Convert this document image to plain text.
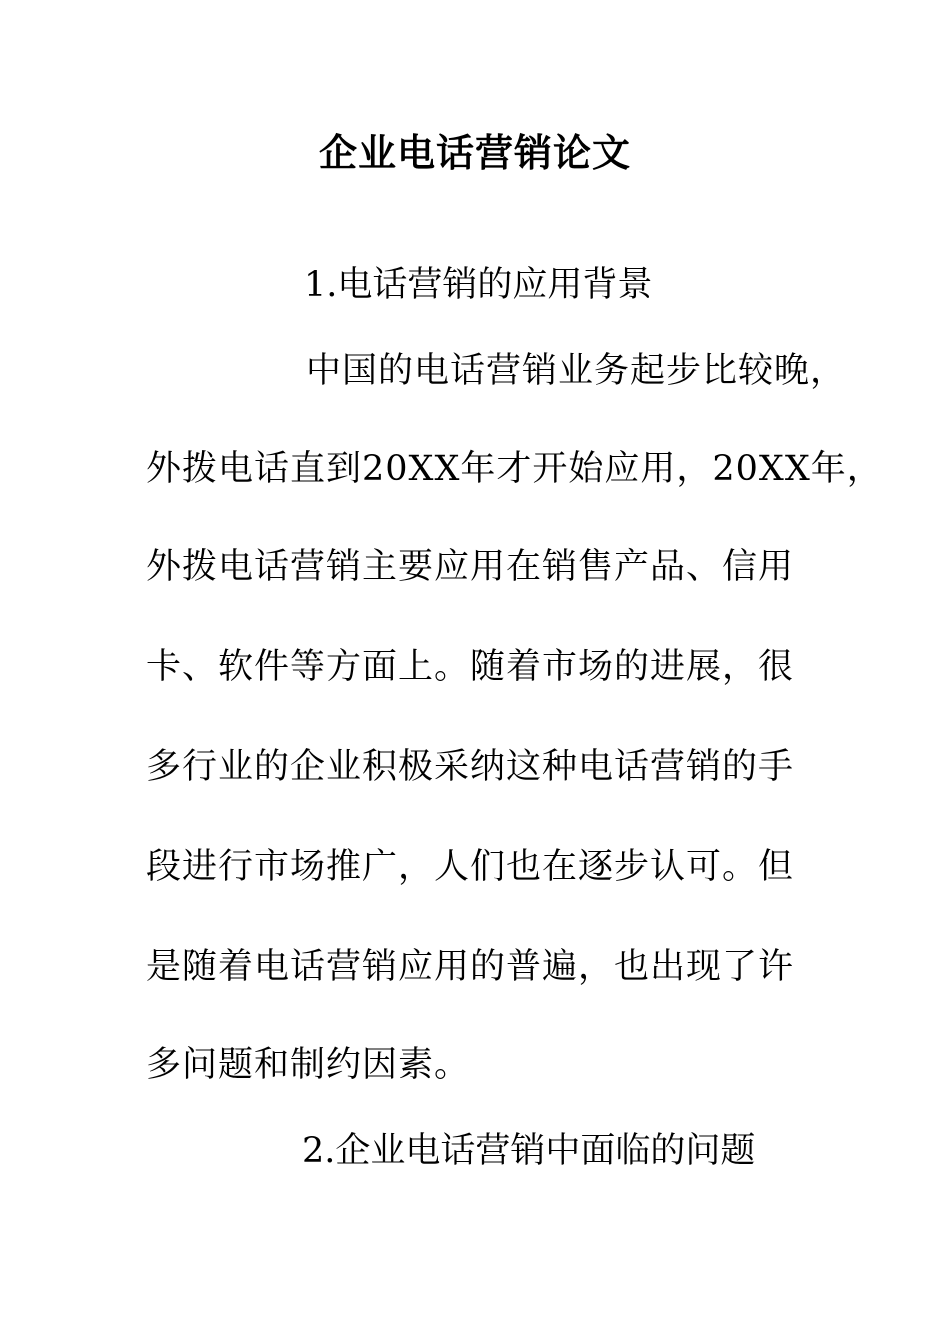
企业电话营销论文
1.电话营销的应用背景
中国的电话营销业务起步比较晚，
外拨电话直到20XX年才开始应用，20XX年，
外拨电话营销主要应用在销售产品、信用
卡、软件等方面上。随着市场的进展，很
多行业的企业积极采纳这种电话营销的手
段进行市场推广，人们也在逐步认可。但
是随着电话营销应用的普遍，也出现了许
多问题和制约因素。
2.企业电话营销中面临的问题
